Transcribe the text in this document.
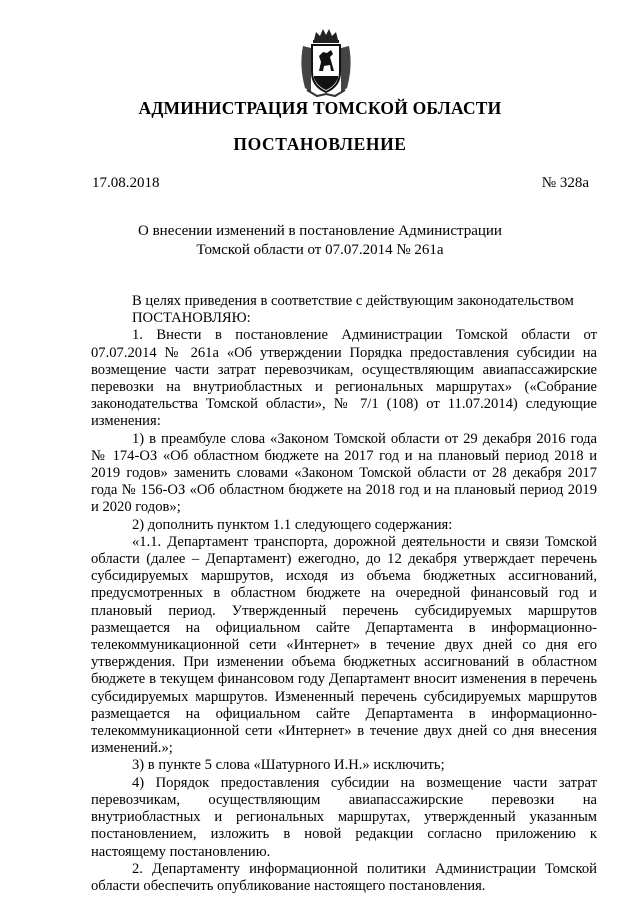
АДМИНИСТРАЦИЯ ТОМСКОЙ ОБЛАСТИ
ПОСТАНОВЛЕНИЕ
17.08.2018	№ 328а
О внесении изменений в постановление Администрации
Томской области от 07.07.2014 № 261а

В целях приведения в соответствие с действующим законодательством

ПОСТАНОВЛЯЮ:

1. Внести в постановление Администрации Томской области от 07.07.2014 № 261а «Об утверждении Порядка предоставления субсидии на возмещение части затрат перевозчикам, осуществляющим авиапассажирские перевозки на внутриобластных и региональных маршрутах» («Собрание законодательства Томской области», № 7/1 (108) от 11.07.2014) следующие изменения:

1) в преамбуле слова «Законом Томской области от 29 декабря 2016 года № 174-ОЗ «Об областном бюджете на 2017 год и на плановый период 2018 и 2019 годов» заменить словами «Законом Томской области от 28 декабря 2017 года № 156-ОЗ «Об областном бюджете на 2018 год и на плановый период 2019 и 2020 годов»;

2) дополнить пунктом 1.1 следующего содержания:

«1.1. Департамент транспорта, дорожной деятельности и связи Томской области (далее – Департамент) ежегодно, до 12 декабря утверждает перечень субсидируемых маршрутов, исходя из объема бюджетных ассигнований, предусмотренных в областном бюджете на очередной финансовый год и плановый период. Утвержденный перечень субсидируемых маршрутов размещается на официальном сайте Департамента в информационно-телекоммуникационной сети «Интернет» в течение двух дней со дня его утверждения. При изменении объема бюджетных ассигнований в областном бюджете в текущем финансовом году Департамент вносит изменения в перечень субсидируемых маршрутов. Измененный перечень субсидируемых маршрутов размещается на официальном сайте Департамента в информационно-телекоммуникационной сети «Интернет» в течение двух дней со дня внесения изменений.»;

3) в пункте 5 слова «Шатурного И.Н.» исключить;

4) Порядок предоставления субсидии на возмещение части затрат перевозчикам, осуществляющим авиапассажирские перевозки на внутриобластных и региональных маршрутах, утвержденный указанным постановлением, изложить в новой редакции согласно приложению к настоящему постановлению.

2. Департаменту информационной политики Администрации Томской области обеспечить опубликование настоящего постановления.
